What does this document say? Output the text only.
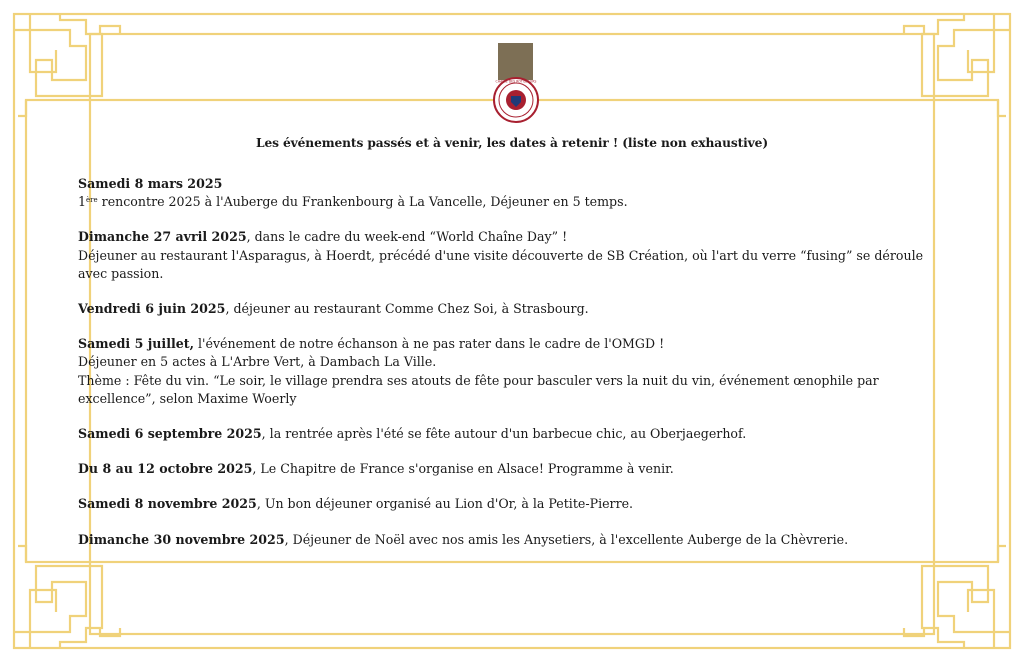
CHAINE DES ROTISSEURS
Les événements passés et à venir, les dates à retenir ! (liste non exhaustive)
Samedi 8 mars 2025
1ère rencontre 2025 à l'Auberge du Frankenbourg à La Vancelle, Déjeuner en 5 temps.
Dimanche 27 avril 2025, dans le cadre du week-end “World Chaîne Day” !
Déjeuner au restaurant l'Asparagus, à Hoerdt, précédé d'une visite découverte de SB Création, où l'art du verre “fusing” se déroule avec passion.
Vendredi 6 juin 2025, déjeuner au restaurant Comme Chez Soi, à Strasbourg.
Samedi 5 juillet, l'événement de notre échanson à ne pas rater dans le cadre de l'OMGD !
Déjeuner en 5 actes à L'Arbre Vert, à Dambach La Ville.
Thème : Fête du vin. “Le soir, le village prendra ses atouts de fête pour basculer vers la nuit du vin, événement œnophile par excellence”, selon Maxime Woerly
Samedi 6 septembre 2025, la rentrée après l'été se fête autour d'un barbecue chic, au Oberjaegerhof.
Du 8 au 12 octobre 2025, Le Chapitre de France s'organise en Alsace! Programme à venir.
Samedi 8 novembre 2025, Un bon déjeuner organisé au Lion d'Or, à la Petite-Pierre.
Dimanche 30 novembre 2025, Déjeuner de Noël avec nos amis les Anysetiers, à l'excellente Auberge de la Chèvrerie.
